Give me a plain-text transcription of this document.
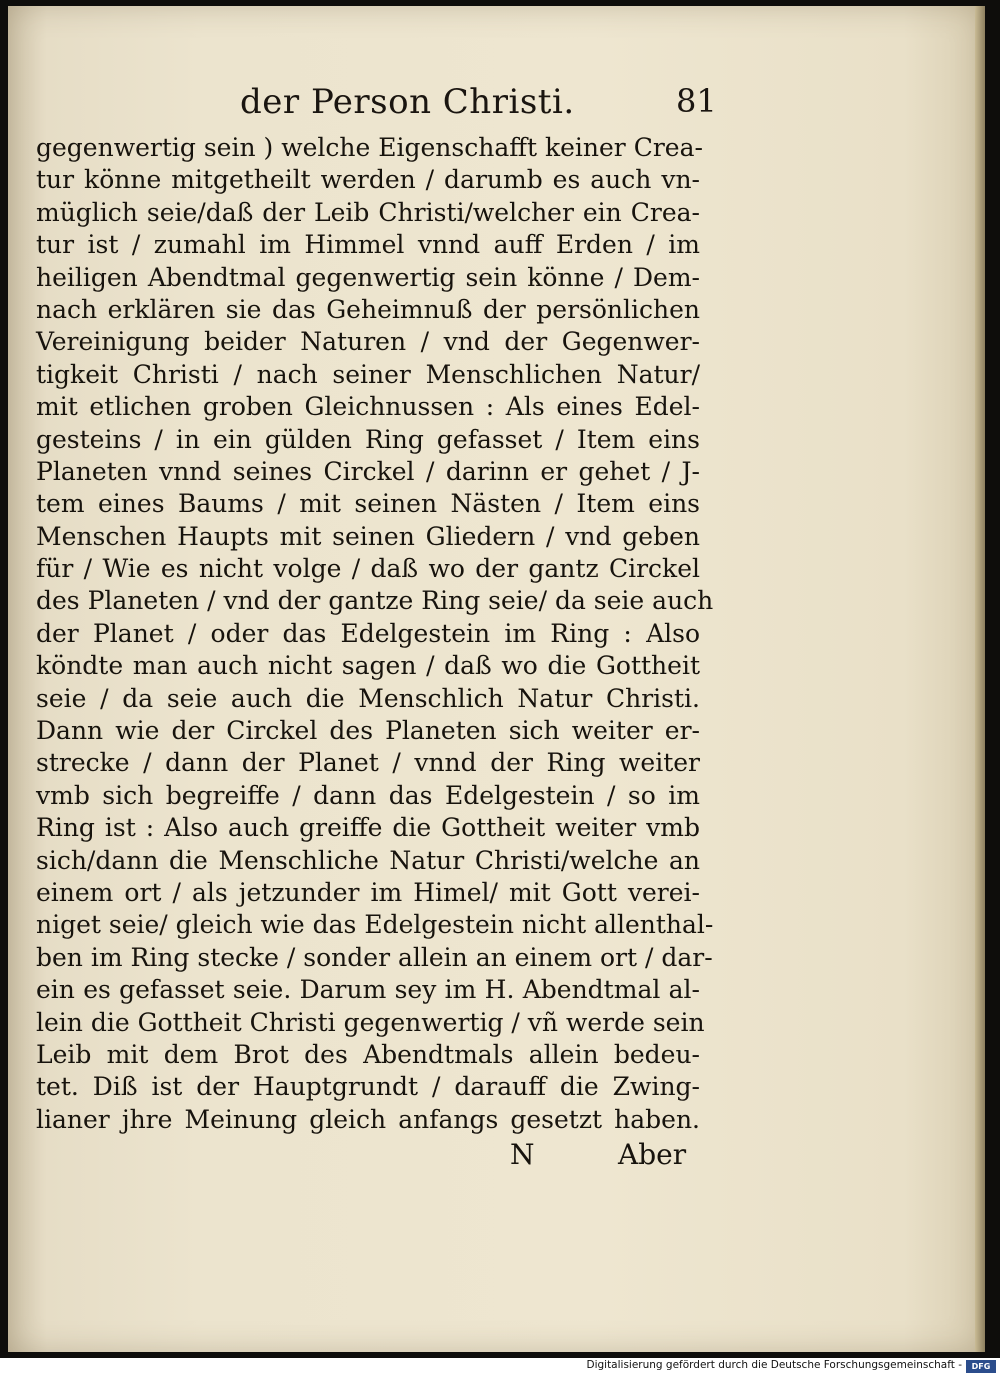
der Person Christi.	81
gegenwertig sein ) welche Eigenschafft keiner Crea-
tur könne mitgetheilt werden / darumb es auch vn-
müglich seie/daß der Leib Christi/welcher ein Crea-
tur ist / zumahl im Himmel vnnd auff Erden / im
heiligen Abendtmal gegenwertig sein könne / Dem-
nach erklären sie das Geheimnuß der persönlichen
Vereinigung beider Naturen / vnd der Gegenwer-
tigkeit Christi / nach seiner Menschlichen Natur/
mit etlichen groben Gleichnussen : Als eines Edel-
gesteins / in ein gülden Ring gefasset / Item eins
Planeten vnnd seines Circkel / darinn er gehet / J-
tem eines Baums / mit seinen Nästen / Item eins
Menschen Haupts mit seinen Gliedern / vnd geben
für / Wie es nicht volge / daß wo der gantz Circkel
des Planeten / vnd der gantze Ring seie/ da seie auch
der Planet / oder das Edelgestein im Ring : Also
köndte man auch nicht sagen / daß wo die Gottheit
seie / da seie auch die Menschlich Natur Christi.
Dann wie der Circkel des Planeten sich weiter er-
strecke / dann der Planet / vnnd der Ring weiter
vmb sich begreiffe / dann das Edelgestein / so im
Ring ist : Also auch greiffe die Gottheit weiter vmb
sich/dann die Menschliche Natur Christi/welche an
einem ort / als jetzunder im Himel/ mit Gott verei-
niget seie/ gleich wie das Edelgestein nicht allenthal-
ben im Ring stecke / sonder allein an einem ort / dar-
ein es gefasset seie. Darum sey im H. Abendtmal al-
lein die Gottheit Christi gegenwertig / vñ werde sein
Leib mit dem Brot des Abendtmals allein bedeu-
tet. Diß ist der Hauptgrundt / darauff die Zwing-
lianer jhre Meinung gleich anfangs gesetzt haben.
N	Aber
Digitalisierung gefördert durch die Deutsche Forschungsgemeinschaft -	DFG
